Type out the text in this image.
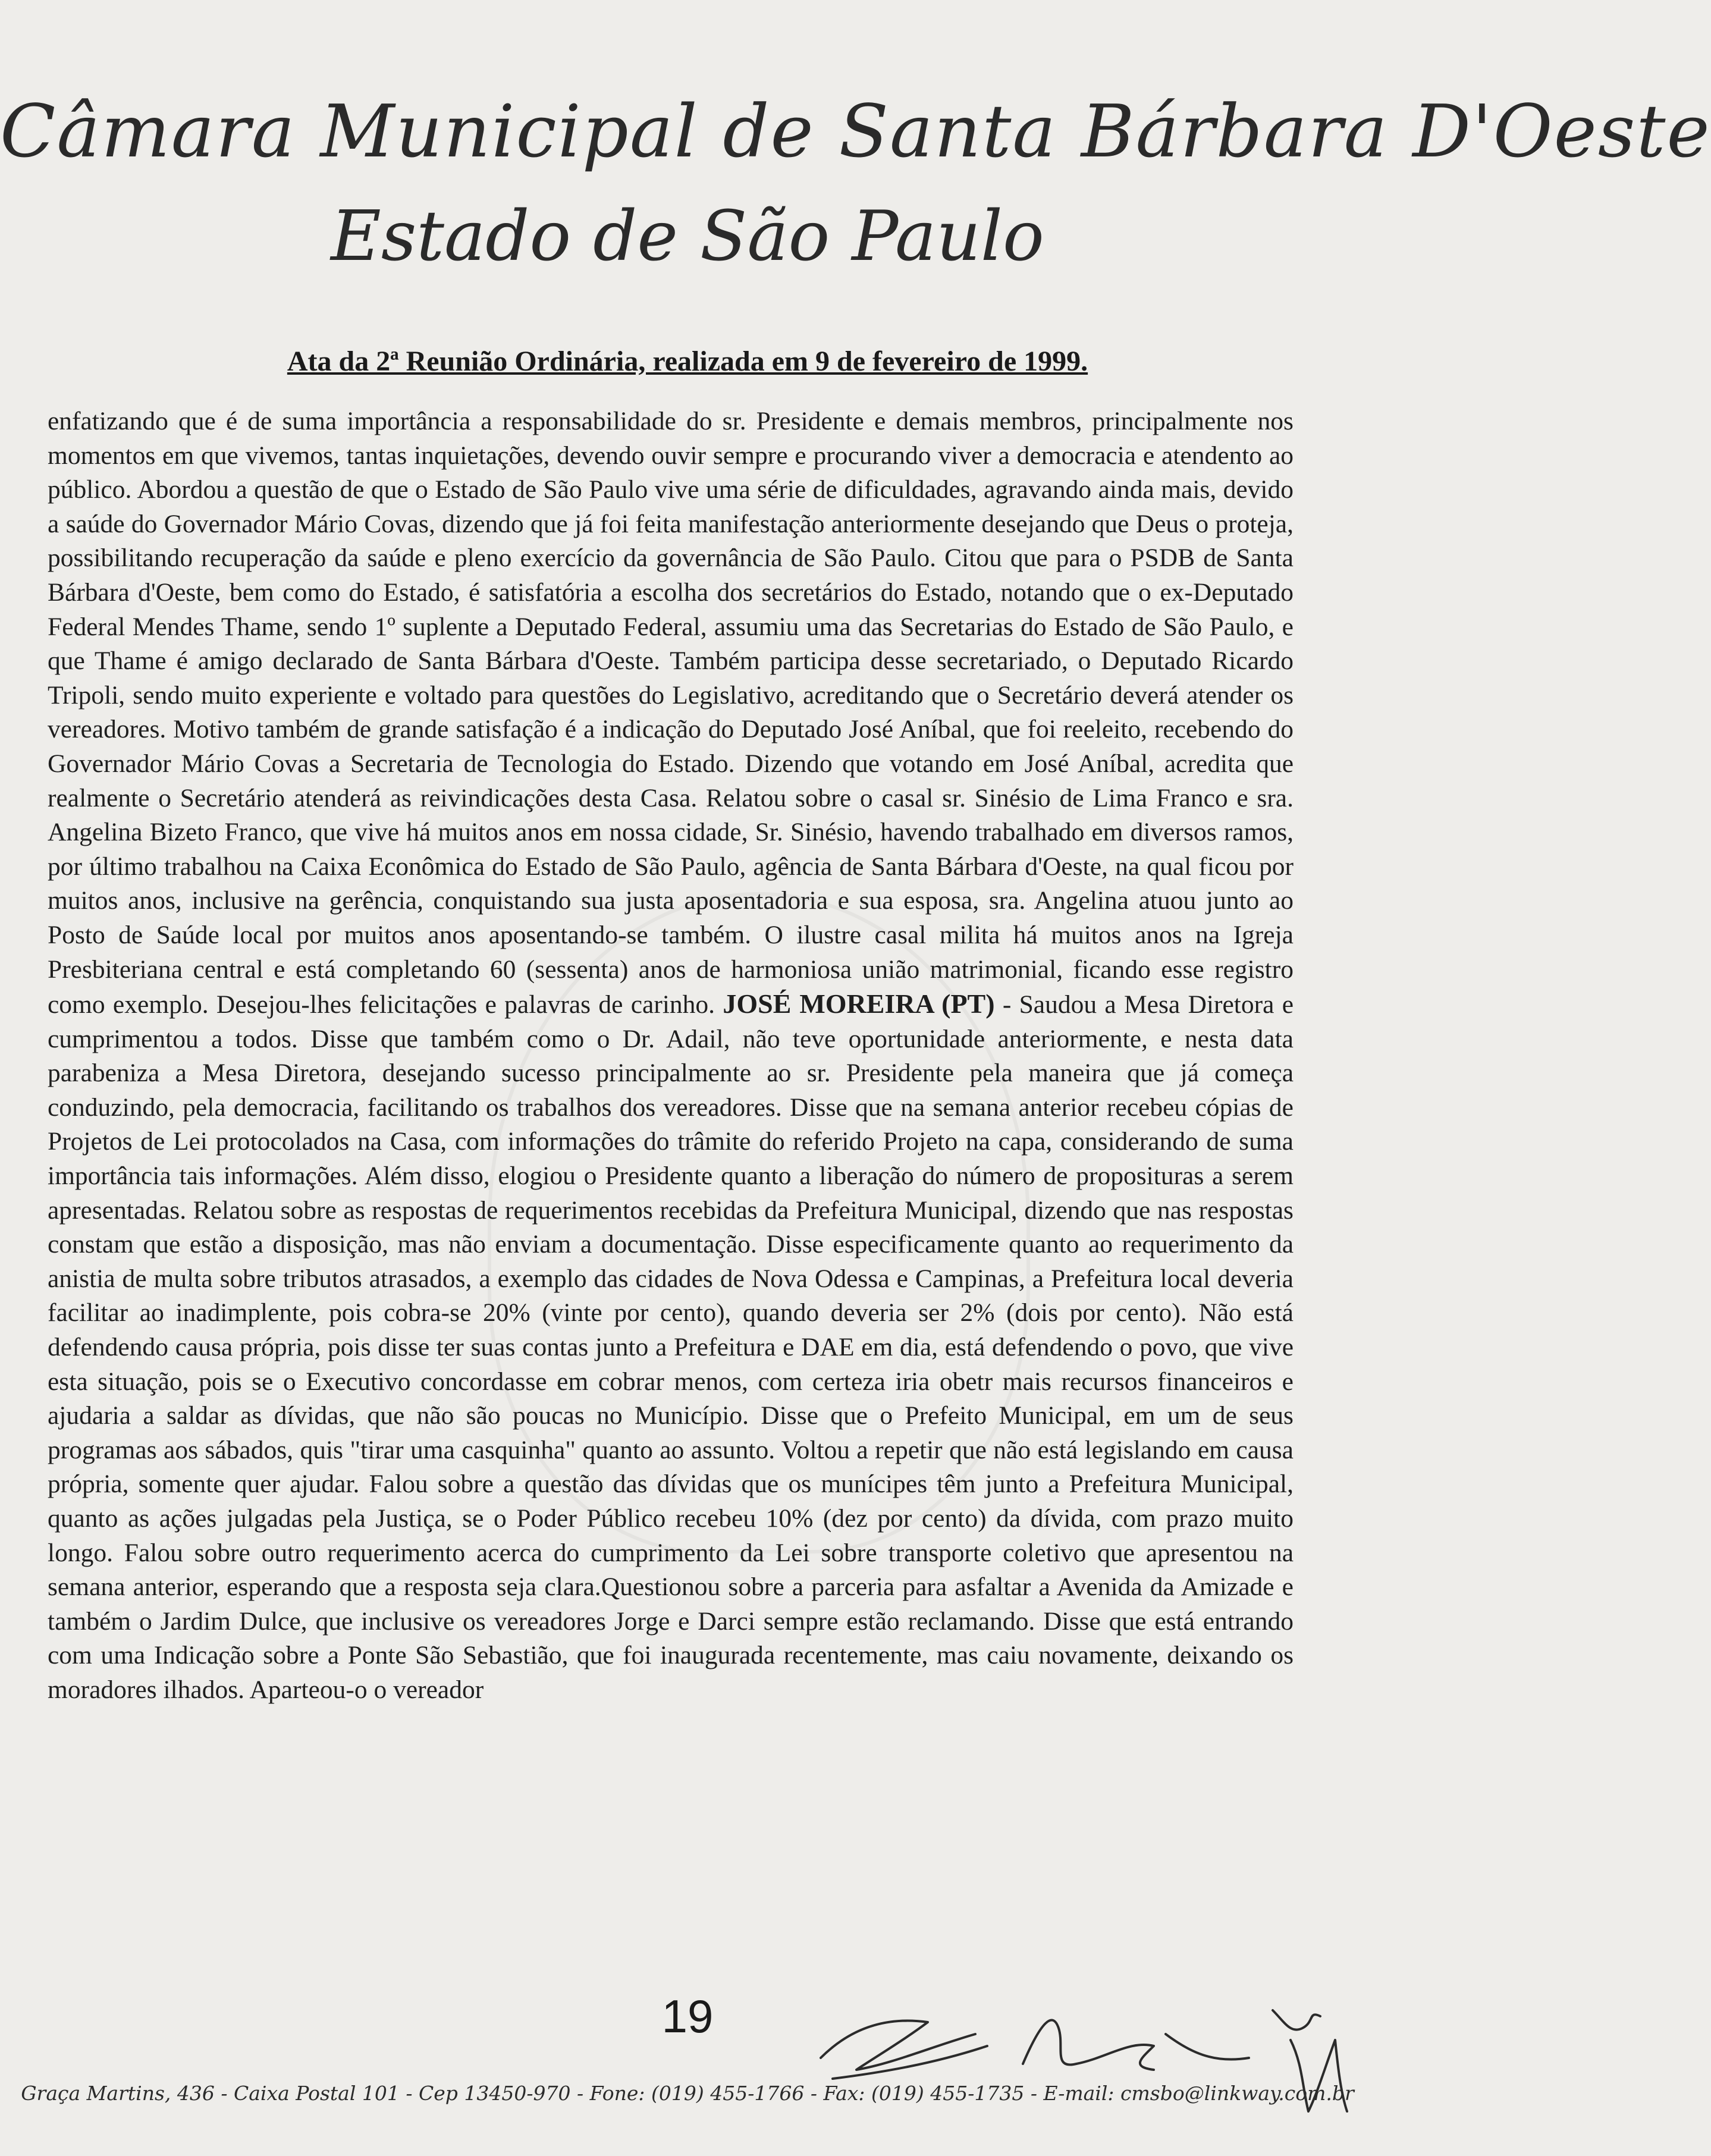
Câmara Municipal de Santa Bárbara D'Oeste
Estado de São Paulo
Ata da 2ª Reunião Ordinária, realizada em 9 de fevereiro de 1999.
enfatizando que é de suma importância a responsabilidade do sr. Presidente e demais membros, principalmente nos momentos em que vivemos, tantas inquietações, devendo ouvir sempre e procurando viver a democracia e atendento ao público. Abordou a questão de que o Estado de São Paulo vive uma série de dificuldades, agravando ainda mais, devido a saúde do Governador Mário Covas, dizendo que já foi feita manifestação anteriormente desejando que Deus o proteja, possibilitando recuperação da saúde e pleno exercício da governância de São Paulo. Citou que para o PSDB de Santa Bárbara d'Oeste, bem como do Estado, é satisfatória a escolha dos secretários do Estado, notando que o ex-Deputado Federal Mendes Thame, sendo 1º suplente a Deputado Federal, assumiu uma das Secretarias do Estado de São Paulo, e que Thame é amigo declarado de Santa Bárbara d'Oeste. Também participa desse secretariado, o Deputado Ricardo Tripoli, sendo muito experiente e voltado para questões do Legislativo, acreditando que o Secretário deverá atender os vereadores. Motivo também de grande satisfação é a indicação do Deputado José Aníbal, que foi reeleito, recebendo do Governador Mário Covas a Secretaria de Tecnologia do Estado. Dizendo que votando em José Aníbal, acredita que realmente o Secretário atenderá as reivindicações desta Casa. Relatou sobre o casal sr. Sinésio de Lima Franco e sra. Angelina Bizeto Franco, que vive há muitos anos em nossa cidade, Sr. Sinésio, havendo trabalhado em diversos ramos, por último trabalhou na Caixa Econômica do Estado de São Paulo, agência de Santa Bárbara d'Oeste, na qual ficou por muitos anos, inclusive na gerência, conquistando sua justa aposentadoria e sua esposa, sra. Angelina atuou junto ao Posto de Saúde local por muitos anos aposentando-se também. O ilustre casal milita há muitos anos na Igreja Presbiteriana central e está completando 60 (sessenta) anos de harmoniosa união matrimonial, ficando esse registro como exemplo. Desejou-lhes felicitações e palavras de carinho. JOSÉ MOREIRA (PT) - Saudou a Mesa Diretora e cumprimentou a todos. Disse que também como o Dr. Adail, não teve oportunidade anteriormente, e nesta data parabeniza a Mesa Diretora, desejando sucesso principalmente ao sr. Presidente pela maneira que já começa conduzindo, pela democracia, facilitando os trabalhos dos vereadores. Disse que na semana anterior recebeu cópias de Projetos de Lei protocolados na Casa, com informações do trâmite do referido Projeto na capa, considerando de suma importância tais informações. Além disso, elogiou o Presidente quanto a liberação do número de proposituras a serem apresentadas. Relatou sobre as respostas de requerimentos recebidas da Prefeitura Municipal, dizendo que nas respostas constam que estão a disposição, mas não enviam a documentação. Disse especificamente quanto ao requerimento da anistia de multa sobre tributos atrasados, a exemplo das cidades de Nova Odessa e Campinas, a Prefeitura local deveria facilitar ao inadimplente, pois cobra-se 20% (vinte por cento), quando deveria ser 2% (dois por cento). Não está defendendo causa própria, pois disse ter suas contas junto a Prefeitura e DAE em dia, está defendendo o povo, que vive esta situação, pois se o Executivo concordasse em cobrar menos, com certeza iria obetr mais recursos financeiros e ajudaria a saldar as dívidas, que não são poucas no Município. Disse que o Prefeito Municipal, em um de seus programas aos sábados, quis "tirar uma casquinha" quanto ao assunto. Voltou a repetir que não está legislando em causa própria, somente quer ajudar. Falou sobre a questão das dívidas que os munícipes têm junto a Prefeitura Municipal, quanto as ações julgadas pela Justiça, se o Poder Público recebeu 10% (dez por cento) da dívida, com prazo muito longo. Falou sobre outro requerimento acerca do cumprimento da Lei sobre transporte coletivo que apresentou na semana anterior, esperando que a resposta seja clara.Questionou sobre a parceria para asfaltar a Avenida da Amizade e também o Jardim Dulce, que inclusive os vereadores Jorge e Darci sempre estão reclamando. Disse que está entrando com uma Indicação sobre a Ponte São Sebastião, que foi inaugurada recentemente, mas caiu novamente, deixando os moradores ilhados. Aparteou-o o vereador
19
Graça Martins, 436 - Caixa Postal 101 - Cep 13450-970 - Fone: (019) 455-1766 - Fax: (019) 455-1735 - E-mail: cmsbo@linkway.com.br
